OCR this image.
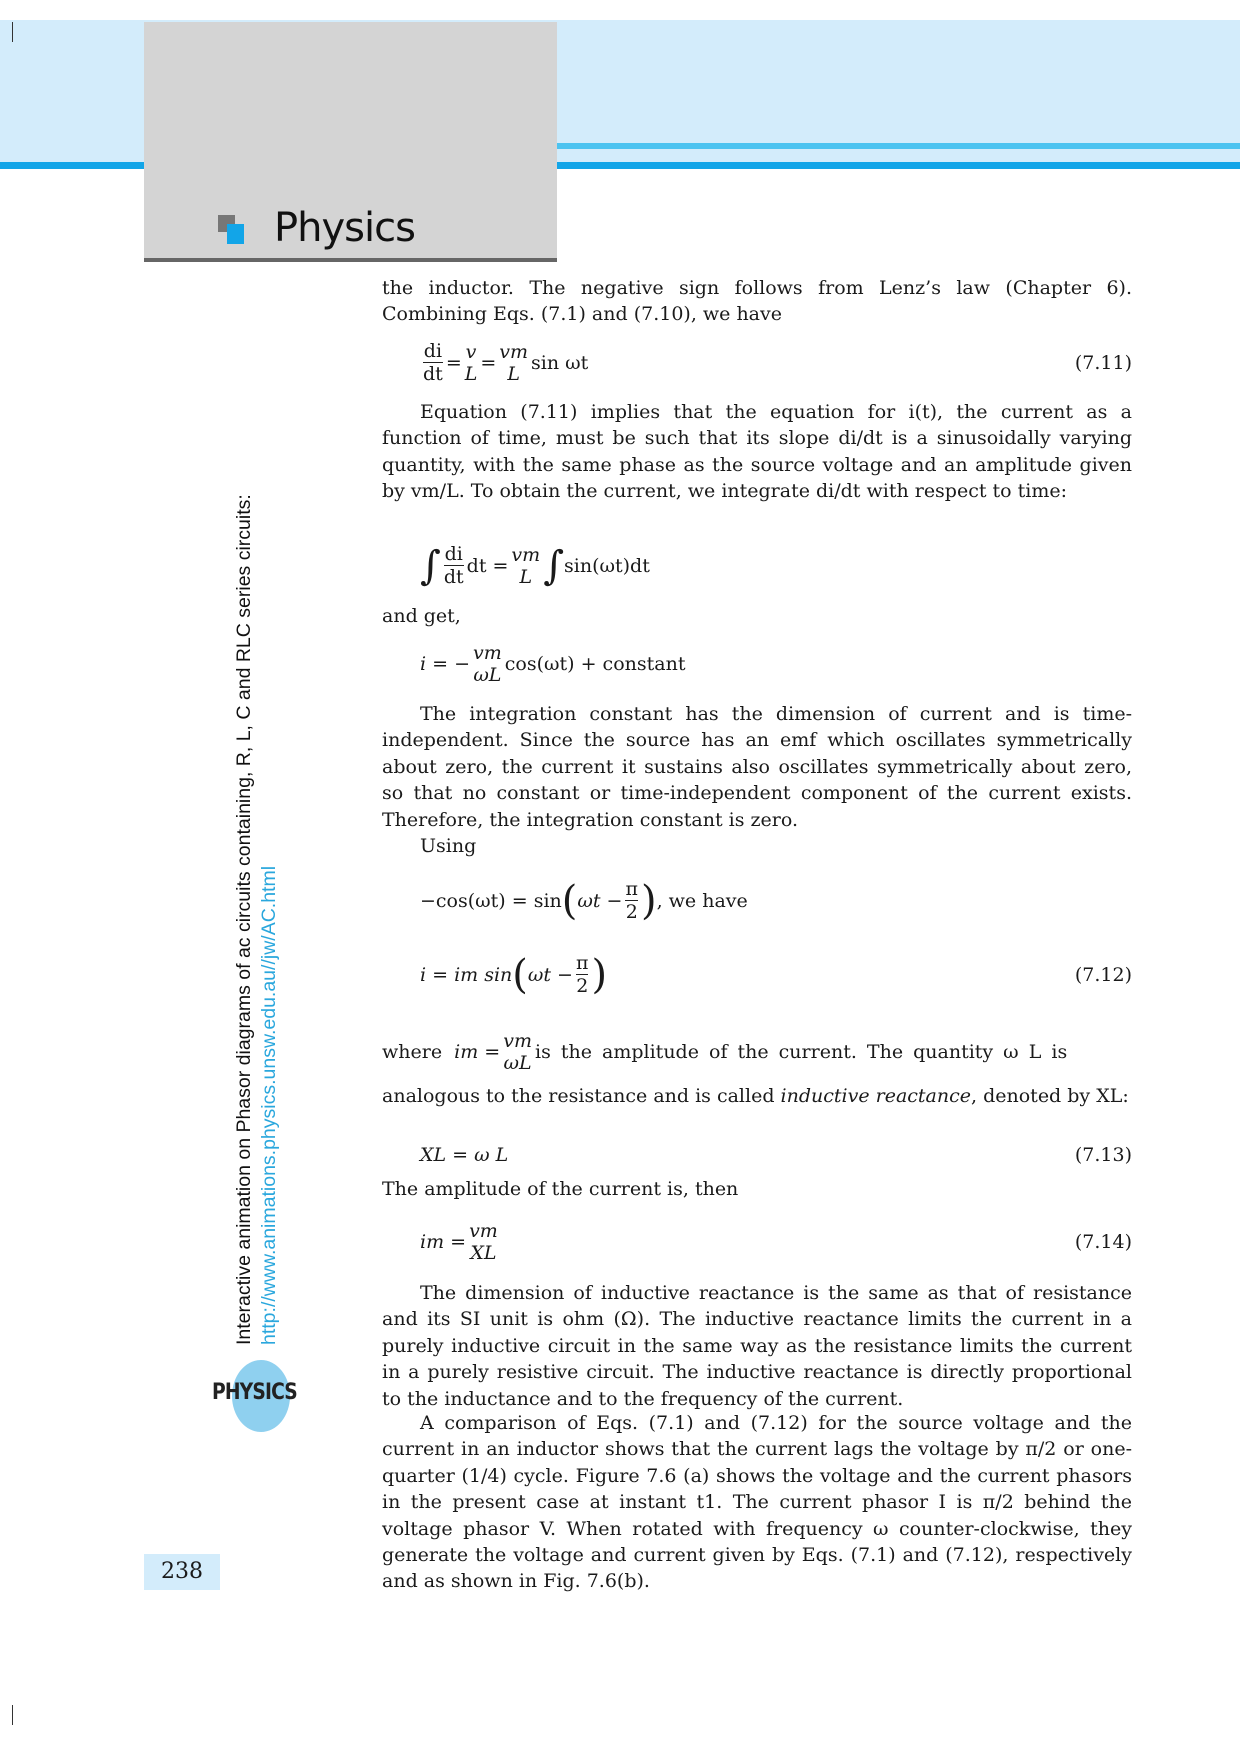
Physics
Interactive animation on Phasor diagrams of ac circuits containing, R, L, C and RLC series circuits: http://www.animations.physics.unsw.edu.au//jw/AC.html
PHYSICS
238
the inductor. The negative sign follows from Lenz’s law (Chapter 6). Combining Eqs. (7.1) and (7.10), we have
$\frac{di}{dt} = v$
L = vm
L sin ωt	(7.11)
Equation (7.11) implies that the equation for i(t), the current as a function of time, must be such that its slope di/dt is a sinusoidally varying quantity, with the same phase as the source voltage and an amplitude given by vm/L. To obtain the current, we integrate di/dt with respect to time:
∫ $\frac{di}{dt}$ dt = vm
L ∫ sin(ωt)dt
and get,
i = − vm
ωL cos(ωt) + constant
The integration constant has the dimension of current and is time-independent. Since the source has an emf which oscillates symmetrically about zero, the current it sustains also oscillates symmetrically about zero, so that no constant or time-independent component of the current exists. Therefore, the integration constant is zero.
Using
−cos(ωt) = sin ( $\omega t - \frac{\pi}{2}$ ) , we have
i = im sin ( $\omega t - \frac{\pi}{2}$ )	(7.12)
where
im = vm
ωL is the amplitude of the current. The quantity ω L is
analogous to the resistance and is called inductive reactance, denoted by XL:
XL = ω L	(7.13)
The amplitude of the current is, then
im = vm
XL	(7.14)
The dimension of inductive reactance is the same as that of resistance and its SI unit is ohm (Ω). The inductive reactance limits the current in a purely inductive circuit in the same way as the resistance limits the current in a purely resistive circuit. The inductive reactance is directly proportional to the inductance and to the frequency of the current.
A comparison of Eqs. (7.1) and (7.12) for the source voltage and the current in an inductor shows that the current lags the voltage by π/2 or one-quarter (1/4) cycle. Figure 7.6 (a) shows the voltage and the current phasors in the present case at instant t1. The current phasor I is π/2 behind the voltage phasor V. When rotated with frequency ω counter-clockwise, they generate the voltage and current given by Eqs. (7.1) and (7.12), respectively and as shown in Fig. 7.6(b).
